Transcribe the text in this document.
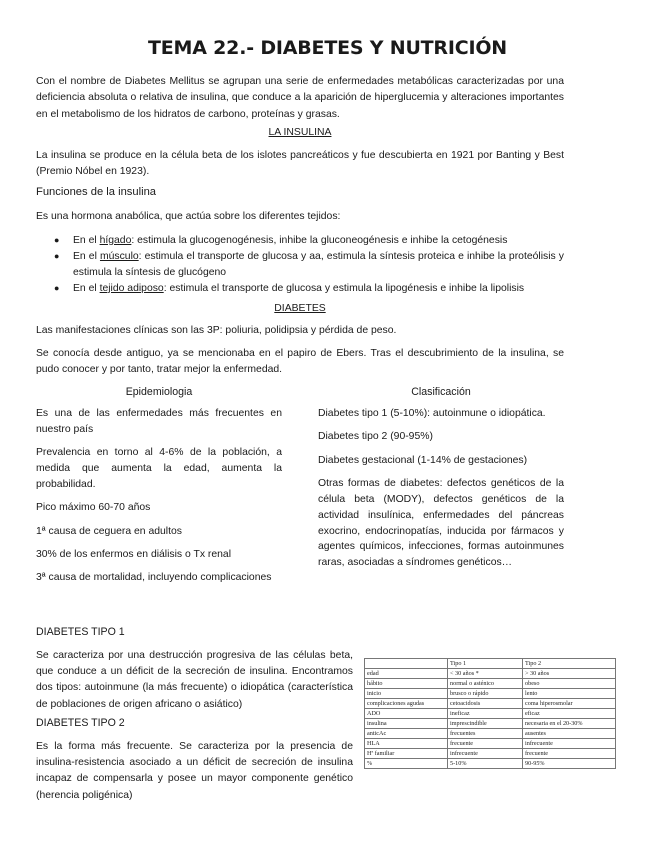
TEMA 22.- DIABETES Y NUTRICIÓN
Con el nombre de Diabetes Mellitus se agrupan una serie de enfermedades metabólicas caracterizadas por una deficiencia absoluta o relativa de insulina, que conduce a la aparición de hiperglucemia y alteraciones importantes en el metabolismo de los hidratos de carbono, proteínas y grasas.
LA INSULINA
La insulina se produce en la célula beta de los islotes pancreáticos y fue descubierta en 1921 por Banting y Best (Premio Nóbel en 1923).
Funciones de la insulina
Es una hormona anabólica, que actúa sobre los diferentes tejidos:
● En el hígado: estimula la glucogenogénesis, inhibe la gluconeogénesis e inhibe la cetogénesis
● En el músculo: estimula el transporte de glucosa y aa, estimula la síntesis proteica e inhibe la proteólisis y estimula la síntesis de glucógeno
● En el tejido adiposo: estimula el transporte de glucosa y estimula la lipogénesis e inhibe la lipolisis
DIABETES
Las manifestaciones clínicas son las 3P: poliuria, polidipsia y pérdida de peso.
Se conocía desde antiguo, ya se mencionaba en el papiro de Ebers. Tras el descubrimiento de la insulina, se pudo conocer y por tanto, tratar mejor la enfermedad.
Epidemiologia	Clasificación

Es una de las enfermedades más frecuentes en nuestro país

Prevalencia en torno al 4-6% de la población, a medida que aumenta la edad, aumenta la probabilidad.

Pico máximo 60-70 años

1ª causa de ceguera en adultos

30% de los enfermos en diálisis o Tx renal

3ª causa de mortalidad, incluyendo complicaciones

Diabetes tipo 1 (5-10%): autoinmune o idiopática.

Diabetes tipo 2 (90-95%)

Diabetes gestacional (1-14% de gestaciones)

Otras formas de diabetes: defectos genéticos de la célula beta (MODY), defectos genéticos de la actividad insulínica, enfermedades del páncreas exocrino, endocrinopatías, inducida por fármacos y agentes químicos, infecciones, formas autoinmunes raras, asociadas a síndromes genéticos…

DIABETES TIPO 1
Se caracteriza por una destrucción progresiva de las células beta, que conduce a un déficit de la secreción de insulina. Encontramos dos tipos: autoinmune (la más frecuente) o idiopática (característica de poblaciones de origen africano o asiático)
DIABETES TIPO 2
Es la forma más frecuente. Se caracteriza por la presencia de insulina-resistencia asociado a un déficit de secreción de insulina incapaz de compensarla y posee un mayor componente genético (herencia poligénica)
	Tipo 1	Tipo 2
edad	< 30 años *	> 30 años
hábito	normal o asténico	obeso
inicio	brusco o rápido	lento
complicaciones agudas	cetoacidosis	coma hiperosmolar
ADO	ineficaz	eficaz
insulina	imprescindible	necesaria en el 20-30%
anticAc	frecuentes	ausentes
HLA	frecuente	infrecuente
Hª familiar	infrecuente	frecuente
%	5-10%	90-95%
